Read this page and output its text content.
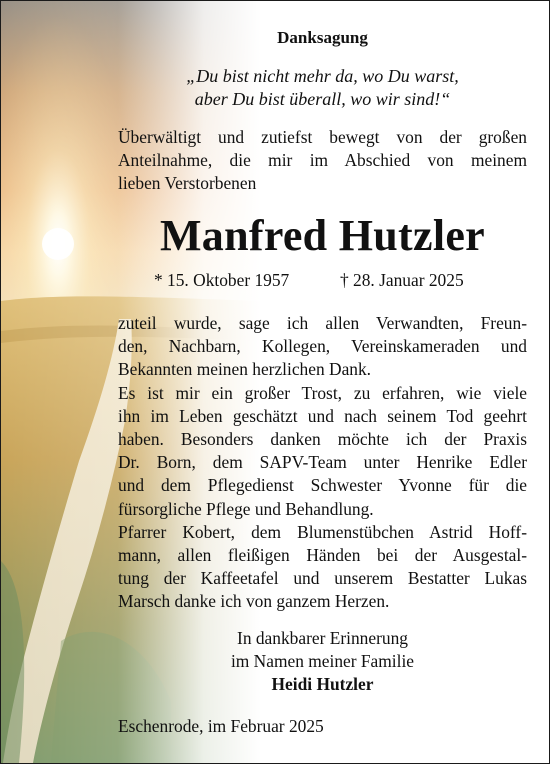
Danksagung
„Du bist nicht mehr da, wo Du warst,
aber Du bist überall, wo wir sind!“
Überwältigt und zutiefst bewegt von der großen
Anteilnahme, die mir im Abschied von meinem
lieben Verstorbenen
Manfred Hutzler
* 15. Oktober 1957	† 28. Januar 2025
zuteil wurde, sage ich allen Verwandten, Freun-
den, Nachbarn, Kollegen, Vereinskameraden und
Bekannten meinen herzlichen Dank.
Es ist mir ein großer Trost, zu erfahren, wie viele
ihn im Leben geschätzt und nach seinem Tod geehrt
haben. Besonders danken möchte ich der Praxis
Dr. Born, dem SAPV-Team unter Henrike Edler
und dem Pflegedienst Schwester Yvonne für die
fürsorgliche Pflege und Behandlung.
Pfarrer Kobert, dem Blumenstübchen Astrid Hoff-
mann, allen fleißigen Händen bei der Ausgestal-
tung der Kaffeetafel und unserem Bestatter Lukas
Marsch danke ich von ganzem Herzen.
In dankbarer Erinnerung
im Namen meiner Familie
Heidi Hutzler
Eschenrode, im Februar 2025
